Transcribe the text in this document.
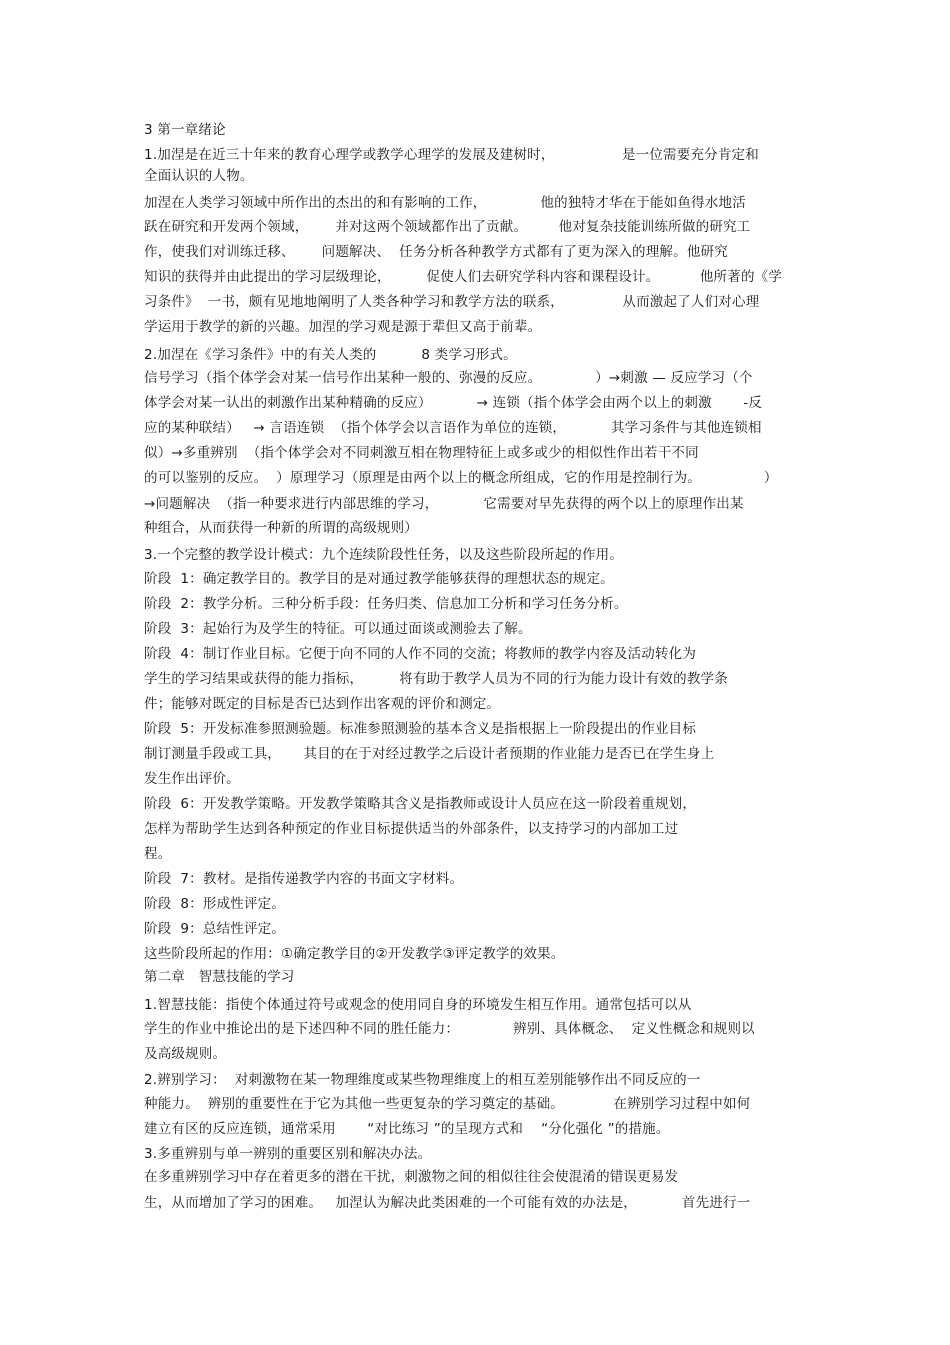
3 第一章绪论
1.加涅是在近三十年来的教育心理学或教学心理学的发展及建树时，               是一位需要充分肯定和
全面认识的人物。
加涅在人类学习领域中所作出的杰出的和有影响的工作，            他的独特才华在于能如鱼得水地活
跃在研究和开发两个领域，      并对这两个领域都作出了贡献。       他对复杂技能训练所做的研究工
作，使我们对训练迁移、      问题解决、  任务分析各种教学方式都有了更为深入的理解。他研究
知识的获得并由此提出的学习层级理论，        促使人们去研究学科内容和课程设计。         他所著的《学
习条件》  一书，颇有见地地阐明了人类各种学习和教学方法的联系，             从而激起了人们对心理
学运用于教学的新的兴趣。加涅的学习观是源于辈但又高于前辈。
2.加涅在《学习条件》中的有关人类的          8 类学习形式。
信号学习（指个体学会对某一信号作出某种一般的、弥漫的反应。            ）→刺激 — 反应学习（个
体学会对某一认出的刺激作出某种精确的反应）          → 连锁（指个体学会由两个以上的刺激       -反
应的某种联结）   → 言语连锁  （指个体学会以言语作为单位的连锁，          其学习条件与其他连锁相
似）→多重辨别  （指个体学会对不同刺激互相在物理特征上或多或少的相似性作出若干不同
的可以鉴别的反应。  ）原理学习（原理是由两个以上的概念所组成，它的作用是控制行为。              ）
→问题解决  （指一种要求进行内部思维的学习，          它需要对早先获得的两个以上的原理作出某
种组合，从而获得一种新的所谓的高级规则）
3.一个完整的教学设计模式：九个连续阶段性任务，以及这些阶段所起的作用。
阶段  1：确定教学目的。教学目的是对通过教学能够获得的理想状态的规定。
阶段  2：教学分析。三种分析手段：任务归类、信息加工分析和学习任务分析。
阶段  3：起始行为及学生的特征。可以通过面谈或测验去了解。
阶段  4：制订作业目标。它便于向不同的人作不同的交流；将教师的教学内容及活动转化为
学生的学习结果或获得的能力指标，        将有助于教学人员为不同的行为能力设计有效的教学条
件；能够对既定的目标是否已达到作出客观的评价和测定。
阶段  5：开发标准参照测验题。标准参照测验的基本含义是指根据上一阶段提出的作业目标
制订测量手段或工具，     其目的在于对经过教学之后设计者预期的作业能力是否已在学生身上
发生作出评价。
阶段  6：开发教学策略。开发教学策略其含义是指教师或设计人员应在这一阶段着重规划，
怎样为帮助学生达到各种预定的作业目标提供适当的外部条件，以支持学习的内部加工过
程。
阶段  7：教材。是指传递教学内容的书面文字材料。
阶段  8：形成性评定。
阶段  9：总结性评定。
这些阶段所起的作用：①确定教学目的②开发教学③评定教学的效果。
第二章   智慧技能的学习
1.智慧技能：指使个体通过符号或观念的使用同自身的环境发生相互作用。通常包括可以从
学生的作业中推论出的是下述四种不同的胜任能力：            辨别、具体概念、  定义性概念和规则以
及高级规则。
2.辨别学习：  对刺激物在某一物理维度或某些物理维度上的相互差别能够作出不同反应的一
种能力。  辨别的重要性在于它为其他一些更复杂的学习奠定的基础。           在辨别学习过程中如何
建立有区的反应连锁，通常采用       “对比练习 ”的呈现方式和    “分化强化 ”的措施。
3.多重辨别与单一辨别的重要区别和解决办法。
在多重辨别学习中存在着更多的潜在干扰，刺激物之间的相似往往会使混淆的错误更易发
生，从而增加了学习的困难。   加涅认为解决此类困难的一个可能有效的办法是，          首先进行一
